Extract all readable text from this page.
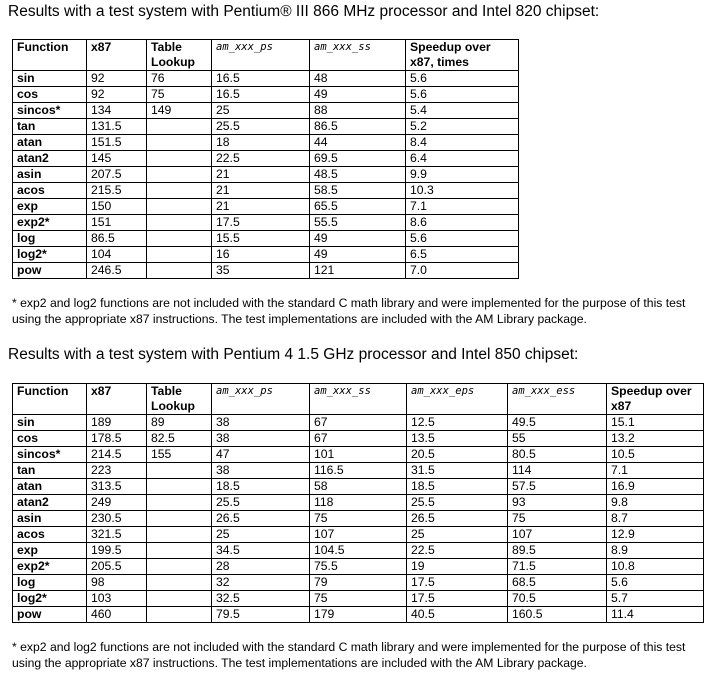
Results with a test system with Pentium® III 866 MHz processor and Intel 820 chipset:
Function	x87	Table Lookup	am_xxx_ps	am_xxx_ss	Speedup over x87, times
sin	92	76	16.5	48	5.6
cos	92	75	16.5	49	5.6
sincos*	134	149	25	88	5.4
tan	131.5		25.5	86.5	5.2
atan	151.5		18	44	8.4
atan2	145		22.5	69.5	6.4
asin	207.5		21	48.5	9.9
acos	215.5		21	58.5	10.3
exp	150		21	65.5	7.1
exp2*	151		17.5	55.5	8.6
log	86.5		15.5	49	5.6
log2*	104		16	49	6.5
pow	246.5		35	121	7.0
* exp2 and log2 functions are not included with the standard C math library and were implemented for the purpose of this test using the appropriate x87 instructions. The test implementations are included with the AM Library package.
Results with a test system with Pentium 4 1.5 GHz processor and Intel 850 chipset:
Function	x87	Table Lookup	am_xxx_ps	am_xxx_ss	am_xxx_eps	am_xxx_ess	Speedup over x87
sin	189	89	38	67	12.5	49.5	15.1
cos	178.5	82.5	38	67	13.5	55	13.2
sincos*	214.5	155	47	101	20.5	80.5	10.5
tan	223		38	116.5	31.5	114	7.1
atan	313.5		18.5	58	18.5	57.5	16.9
atan2	249		25.5	118	25.5	93	9.8
asin	230.5		26.5	75	26.5	75	8.7
acos	321.5		25	107	25	107	12.9
exp	199.5		34.5	104.5	22.5	89.5	8.9
exp2*	205.5		28	75.5	19	71.5	10.8
log	98		32	79	17.5	68.5	5.6
log2*	103		32.5	75	17.5	70.5	5.7
pow	460		79.5	179	40.5	160.5	11.4
* exp2 and log2 functions are not included with the standard C math library and were implemented for the purpose of this test using the appropriate x87 instructions. The test implementations are included with the AM Library package.
